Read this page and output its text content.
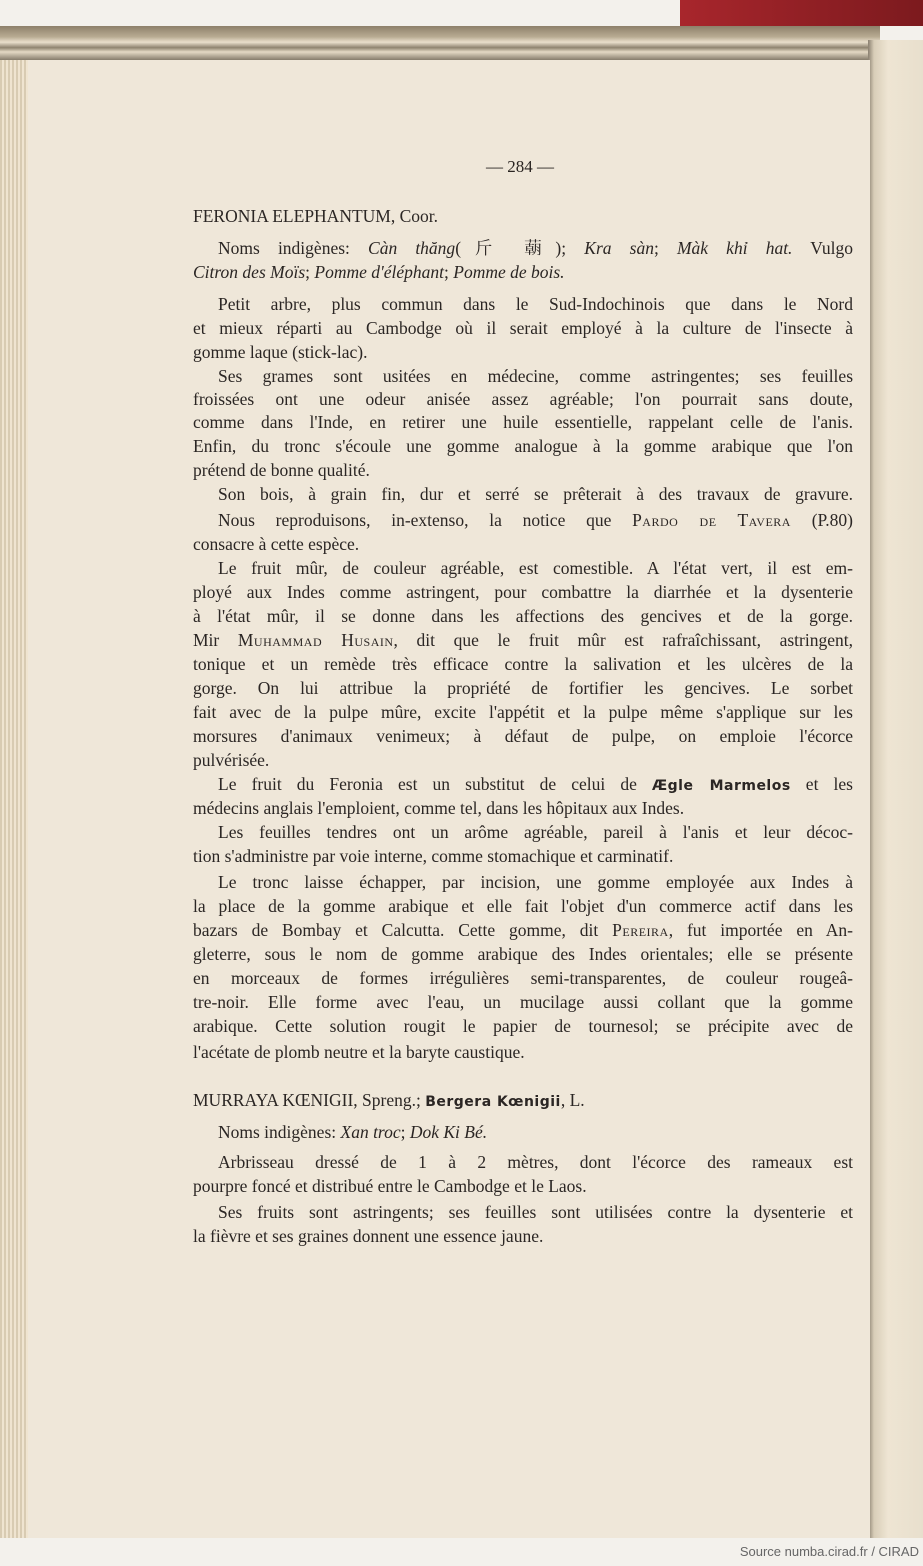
— 284 —
FERONIA ELEPHANTUM, Coor.
Noms indigènes: Càn thăng(斤 𦺓); Kra sàn; Màk khỉ hat. Vulgo
Citron des Moïs; Pomme d'éléphant; Pomme de bois.
Petit arbre, plus commun dans le Sud-Indochinois que dans le Nord
et mieux réparti au Cambodge où il serait employé à la culture de l'insecte à
gomme laque (stick-lac).
Ses grames sont usitées en médecine, comme astringentes; ses feuilles
froissées ont une odeur anisée assez agréable; l'on pourrait sans doute,
comme dans l'Inde, en retirer une huile essentielle, rappelant celle de l'anis.
Enfin, du tronc s'écoule une gomme analogue à la gomme arabique que l'on
prétend de bonne qualité.
Son bois, à grain fin, dur et serré se prêterait à des travaux de gravure.
Nous reproduisons, in-extenso, la notice que Pardo de Tavera (P.80)
consacre à cette espèce.
Le fruit mûr, de couleur agréable, est comestible. A l'état vert, il est em-
ployé aux Indes comme astringent, pour combattre la diarrhée et la dysenterie
à l'état mûr, il se donne dans les affections des gencives et de la gorge.
Mir Muhammad Husain, dit que le fruit mûr est rafraîchissant, astringent,
tonique et un remède très efficace contre la salivation et les ulcères de la
gorge. On lui attribue la propriété de fortifier les gencives. Le sorbet
fait avec de la pulpe mûre, excite l'appétit et la pulpe même s'applique sur les
morsures d'animaux venimeux; à défaut de pulpe, on emploie l'écorce
pulvérisée.
Le fruit du Feronia est un substitut de celui de Ægle Marmelos et les
médecins anglais l'emploient, comme tel, dans les hôpitaux aux Indes.
Les feuilles tendres ont un arôme agréable, pareil à l'anis et leur décoc-
tion s'administre par voie interne, comme stomachique et carminatif.
Le tronc laisse échapper, par incision, une gomme employée aux Indes à
la place de la gomme arabique et elle fait l'objet d'un commerce actif dans les
bazars de Bombay et Calcutta. Cette gomme, dit Pereira, fut importée en An-
gleterre, sous le nom de gomme arabique des Indes orientales; elle se présente
en morceaux de formes irrégulières semi-transparentes, de couleur rougeâ-
tre-noir. Elle forme avec l'eau, un mucilage aussi collant que la gomme
arabique. Cette solution rougit le papier de tournesol; se précipite avec de
l'acétate de plomb neutre et la baryte caustique.
MURRAYA KŒNIGII, Spreng.; Bergera Kœnigii, L.
Noms indigènes: Xan troc; Dok Ki Bé.
Arbrisseau dressé de 1 à 2 mètres, dont l'écorce des rameaux est
pourpre foncé et distribué entre le Cambodge et le Laos.
Ses fruits sont astringents; ses feuilles sont utilisées contre la dysenterie et
la fièvre et ses graines donnent une essence jaune.
Source numba.cirad.fr / CIRAD
